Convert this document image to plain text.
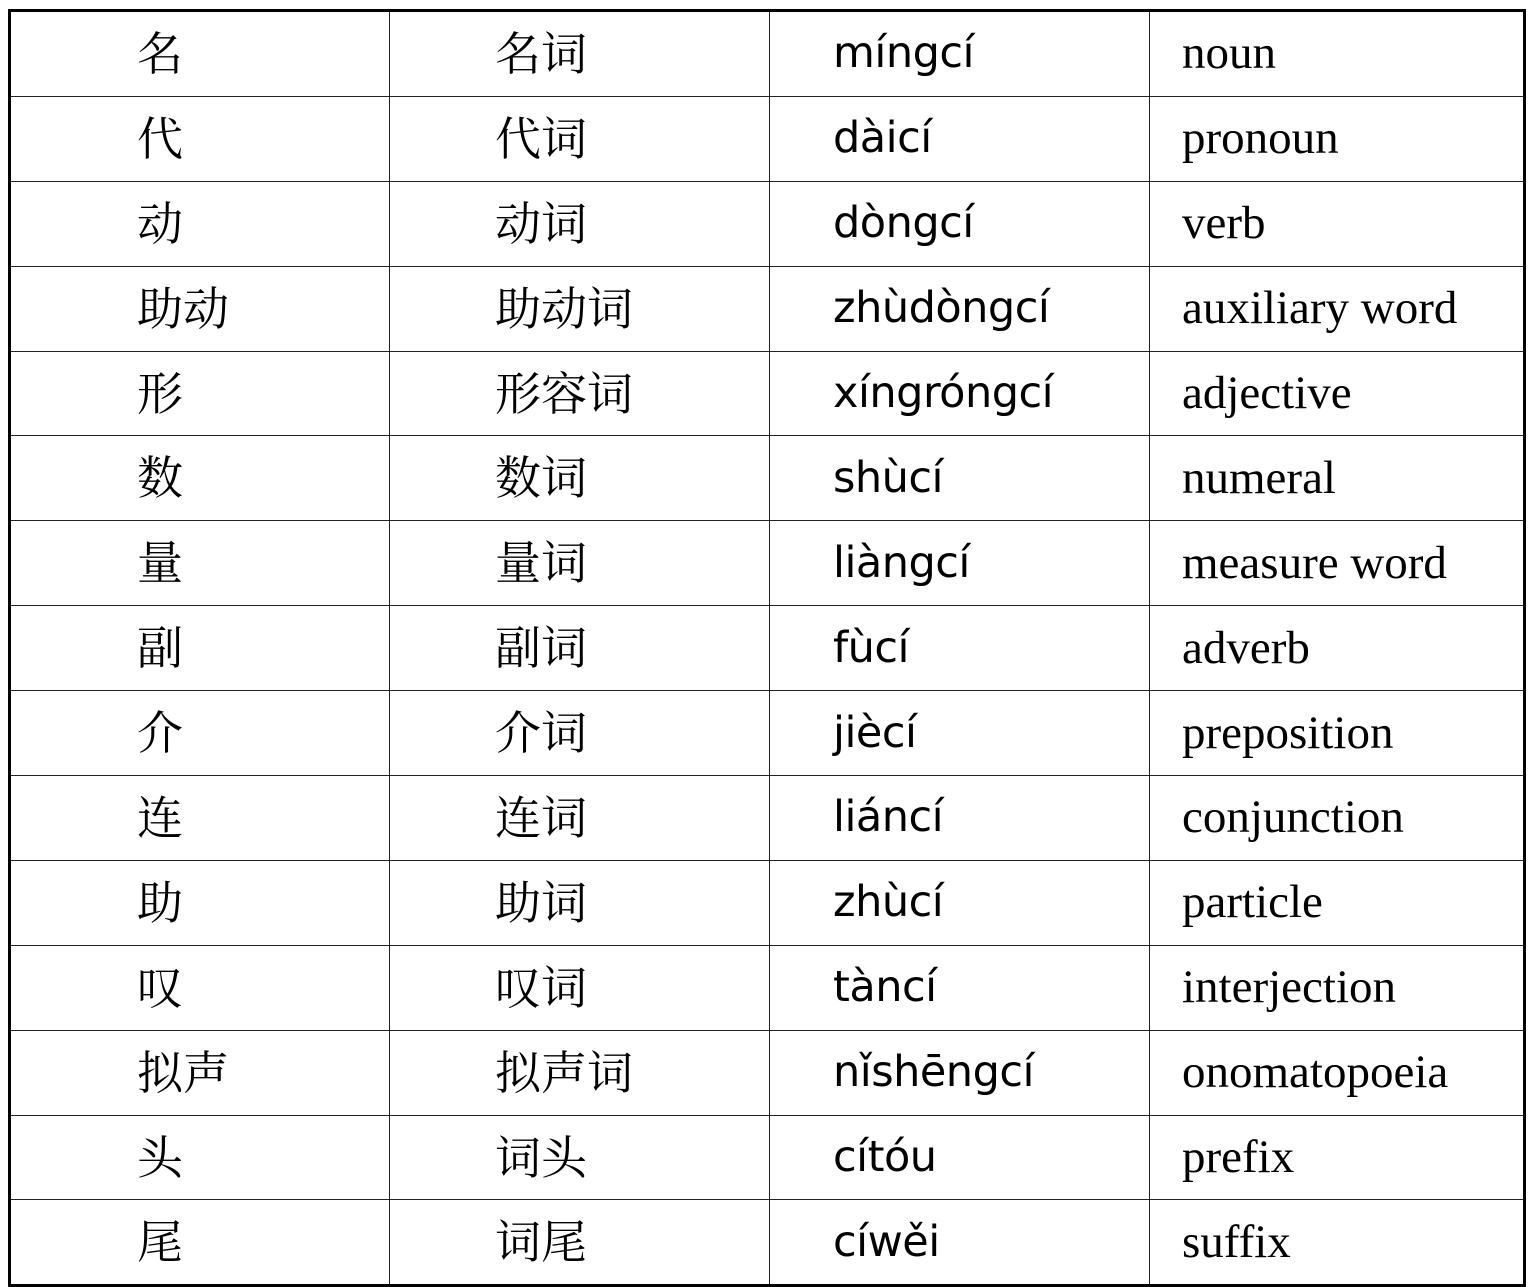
名	名词	míngcí	noun
代	代词	dàicí	pronoun
动	动词	dòngcí	verb
助动	助动词	zhùdòngcí	auxiliary word
形	形容词	xíngróngcí	adjective
数	数词	shùcí	numeral
量	量词	liàngcí	measure word
副	副词	fùcí	adverb
介	介词	jiècí	preposition
连	连词	liáncí	conjunction
助	助词	zhùcí	particle
叹	叹词	tàncí	interjection
拟声	拟声词	nǐshēngcí	onomatopoeia
头	词头	cítóu	prefix
尾	词尾	cíwěi	suffix
